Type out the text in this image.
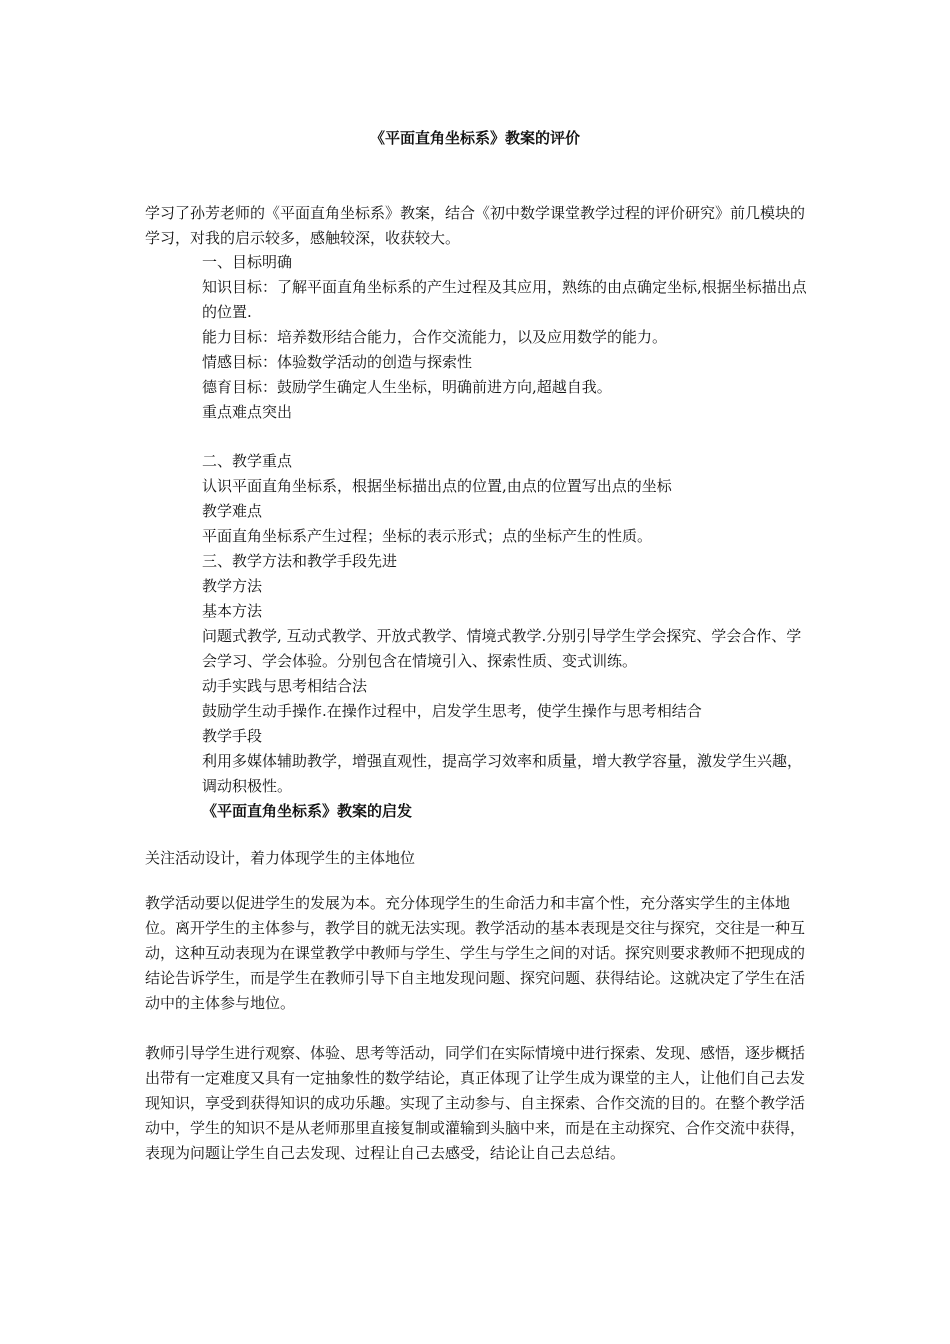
《平面直角坐标系》教案的评价

学习了孙芳老师的《平面直角坐标系》教案，结合《初中数学课堂教学过程的评价研究》前几模块的学习，对我的启示较多，感触较深，收获较大。

一、目标明确

知识目标：了解平面直角坐标系的产生过程及其应用，熟练的由点确定坐标,根据坐标描出点的位置.

能力目标：培养数形结合能力，合作交流能力，以及应用数学的能力。

情感目标：体验数学活动的创造与探索性

德育目标：鼓励学生确定人生坐标，明确前进方向,超越自我。

重点难点突出

二、教学重点

认识平面直角坐标系，根据坐标描出点的位置,由点的位置写出点的坐标

教学难点

平面直角坐标系产生过程；坐标的表示形式；点的坐标产生的性质。

三、教学方法和教学手段先进

教学方法

基本方法

问题式教学, 互动式教学、开放式教学、情境式教学.分别引导学生学会探究、学会合作、学会学习、学会体验。分别包含在情境引入、探索性质、变式训练。

动手实践与思考相结合法

鼓励学生动手操作.在操作过程中，启发学生思考，使学生操作与思考相结合

教学手段

利用多媒体辅助教学，增强直观性，提高学习效率和质量，增大教学容量，激发学生兴趣，调动积极性。

《平面直角坐标系》教案的启发

关注活动设计，着力体现学生的主体地位

教学活动要以促进学生的发展为本。充分体现学生的生命活力和丰富个性，充分落实学生的主体地位。离开学生的主体参与，教学目的就无法实现。教学活动的基本表现是交往与探究，交往是一种互动，这种互动表现为在课堂教学中教师与学生、学生与学生之间的对话。探究则要求教师不把现成的结论告诉学生，而是学生在教师引导下自主地发现问题、探究问题、获得结论。这就决定了学生在活动中的主体参与地位。

教师引导学生进行观察、体验、思考等活动，同学们在实际情境中进行探索、发现、感悟，逐步概括出带有一定难度又具有一定抽象性的数学结论，真正体现了让学生成为课堂的主人，让他们自己去发现知识，享受到获得知识的成功乐趣。实现了主动参与、自主探索、合作交流的目的。在整个教学活动中，学生的知识不是从老师那里直接复制或灌输到头脑中来，而是在主动探究、合作交流中获得，表现为问题让学生自己去发现、过程让自己去感受，结论让自己去总结。
